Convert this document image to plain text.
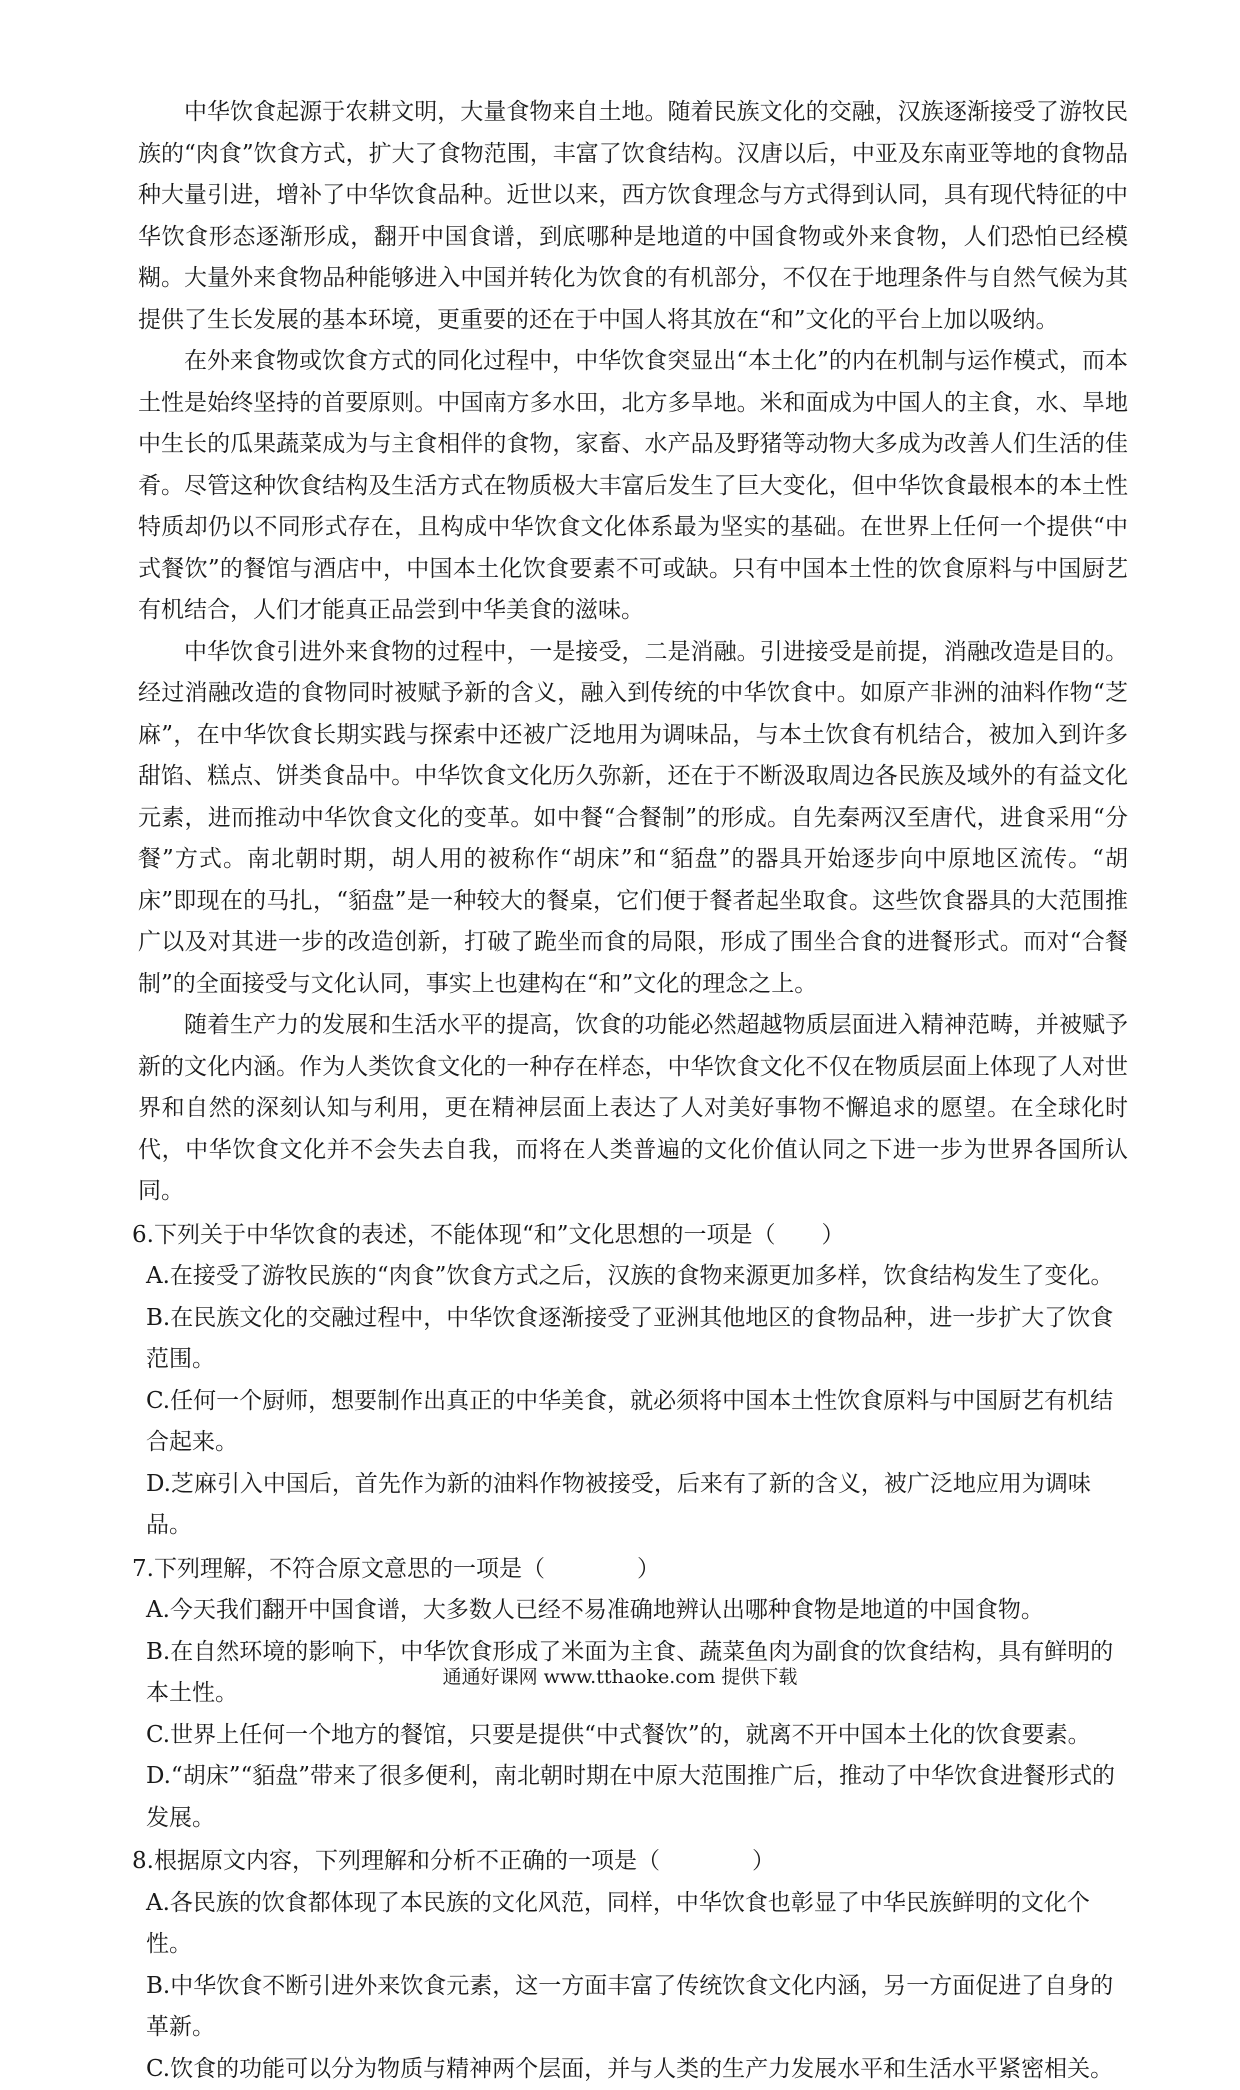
中华饮食起源于农耕文明，大量食物来自土地。随着民族文化的交融，汉族逐渐接受了游牧民族的“肉食”饮食方式，扩大了食物范围，丰富了饮食结构。汉唐以后，中亚及东南亚等地的食物品种大量引进，增补了中华饮食品种。近世以来，西方饮食理念与方式得到认同，具有现代特征的中华饮食形态逐渐形成，翻开中国食谱，到底哪种是地道的中国食物或外来食物，人们恐怕已经模糊。大量外来食物品种能够进入中国并转化为饮食的有机部分，不仅在于地理条件与自然气候为其提供了生长发展的基本环境，更重要的还在于中国人将其放在“和”文化的平台上加以吸纳。

在外来食物或饮食方式的同化过程中，中华饮食突显出“本土化”的内在机制与运作模式，而本土性是始终坚持的首要原则。中国南方多水田，北方多旱地。米和面成为中国人的主食，水、旱地中生长的瓜果蔬菜成为与主食相伴的食物，家畜、水产品及野猪等动物大多成为改善人们生活的佳肴。尽管这种饮食结构及生活方式在物质极大丰富后发生了巨大变化，但中华饮食最根本的本土性特质却仍以不同形式存在，且构成中华饮食文化体系最为坚实的基础。在世界上任何一个提供“中式餐饮”的餐馆与酒店中，中国本土化饮食要素不可或缺。只有中国本土性的饮食原料与中国厨艺有机结合，人们才能真正品尝到中华美食的滋味。

中华饮食引进外来食物的过程中，一是接受，二是消融。引进接受是前提，消融改造是目的。经过消融改造的食物同时被赋予新的含义，融入到传统的中华饮食中。如原产非洲的油料作物“芝麻”，在中华饮食长期实践与探索中还被广泛地用为调味品，与本土饮食有机结合，被加入到许多甜馅、糕点、饼类食品中。中华饮食文化历久弥新，还在于不断汲取周边各民族及域外的有益文化元素，进而推动中华饮食文化的变革。如中餐“合餐制”的形成。自先秦两汉至唐代，进食采用“分餐”方式。南北朝时期，胡人用的被称作“胡床”和“貊盘”的器具开始逐步向中原地区流传。“胡床”即现在的马扎，“貊盘”是一种较大的餐桌，它们便于餐者起坐取食。这些饮食器具的大范围推广以及对其进一步的改造创新，打破了跪坐而食的局限，形成了围坐合食的进餐形式。而对“合餐制”的全面接受与文化认同，事实上也建构在“和”文化的理念之上。

随着生产力的发展和生活水平的提高，饮食的功能必然超越物质层面进入精神范畴，并被赋予新的文化内涵。作为人类饮食文化的一种存在样态，中华饮食文化不仅在物质层面上体现了人对世界和自然的深刻认知与利用，更在精神层面上表达了人对美好事物不懈追求的愿望。在全球化时代，中华饮食文化并不会失去自我，而将在人类普遍的文化价值认同之下进一步为世界各国所认同。

6.下列关于中华饮食的表述，不能体现“和”文化思想的一项是（　　）

A.在接受了游牧民族的“肉食”饮食方式之后，汉族的食物来源更加多样，饮食结构发生了变化。

B.在民族文化的交融过程中，中华饮食逐渐接受了亚洲其他地区的食物品种，进一步扩大了饮食范围。

C.任何一个厨师，想要制作出真正的中华美食，就必须将中国本土性饮食原料与中国厨艺有机结合起来。

D.芝麻引入中国后，首先作为新的油料作物被接受，后来有了新的含义，被广泛地应用为调味品。

7.下列理解，不符合原文意思的一项是（　　　　）

A.今天我们翻开中国食谱，大多数人已经不易准确地辨认出哪种食物是地道的中国食物。

B.在自然环境的影响下，中华饮食形成了米面为主食、蔬菜鱼肉为副食的饮食结构，具有鲜明的本土性。

C.世界上任何一个地方的餐馆，只要是提供“中式餐饮”的，就离不开中国本土化的饮食要素。

D.“胡床”“貊盘”带来了很多便利，南北朝时期在中原大范围推广后，推动了中华饮食进餐形式的发展。

8.根据原文内容，下列理解和分析不正确的一项是（　　　　）

A.各民族的饮食都体现了本民族的文化风范，同样，中华饮食也彰显了中华民族鲜明的文化个性。

B.中华饮食不断引进外来饮食元素，这一方面丰富了传统饮食文化内涵，另一方面促进了自身的革新。

C.饮食的功能可以分为物质与精神两个层面，并与人类的生产力发展水平和生活水平紧密相关。

通通好课网 www.tthaoke.com 提供下载
